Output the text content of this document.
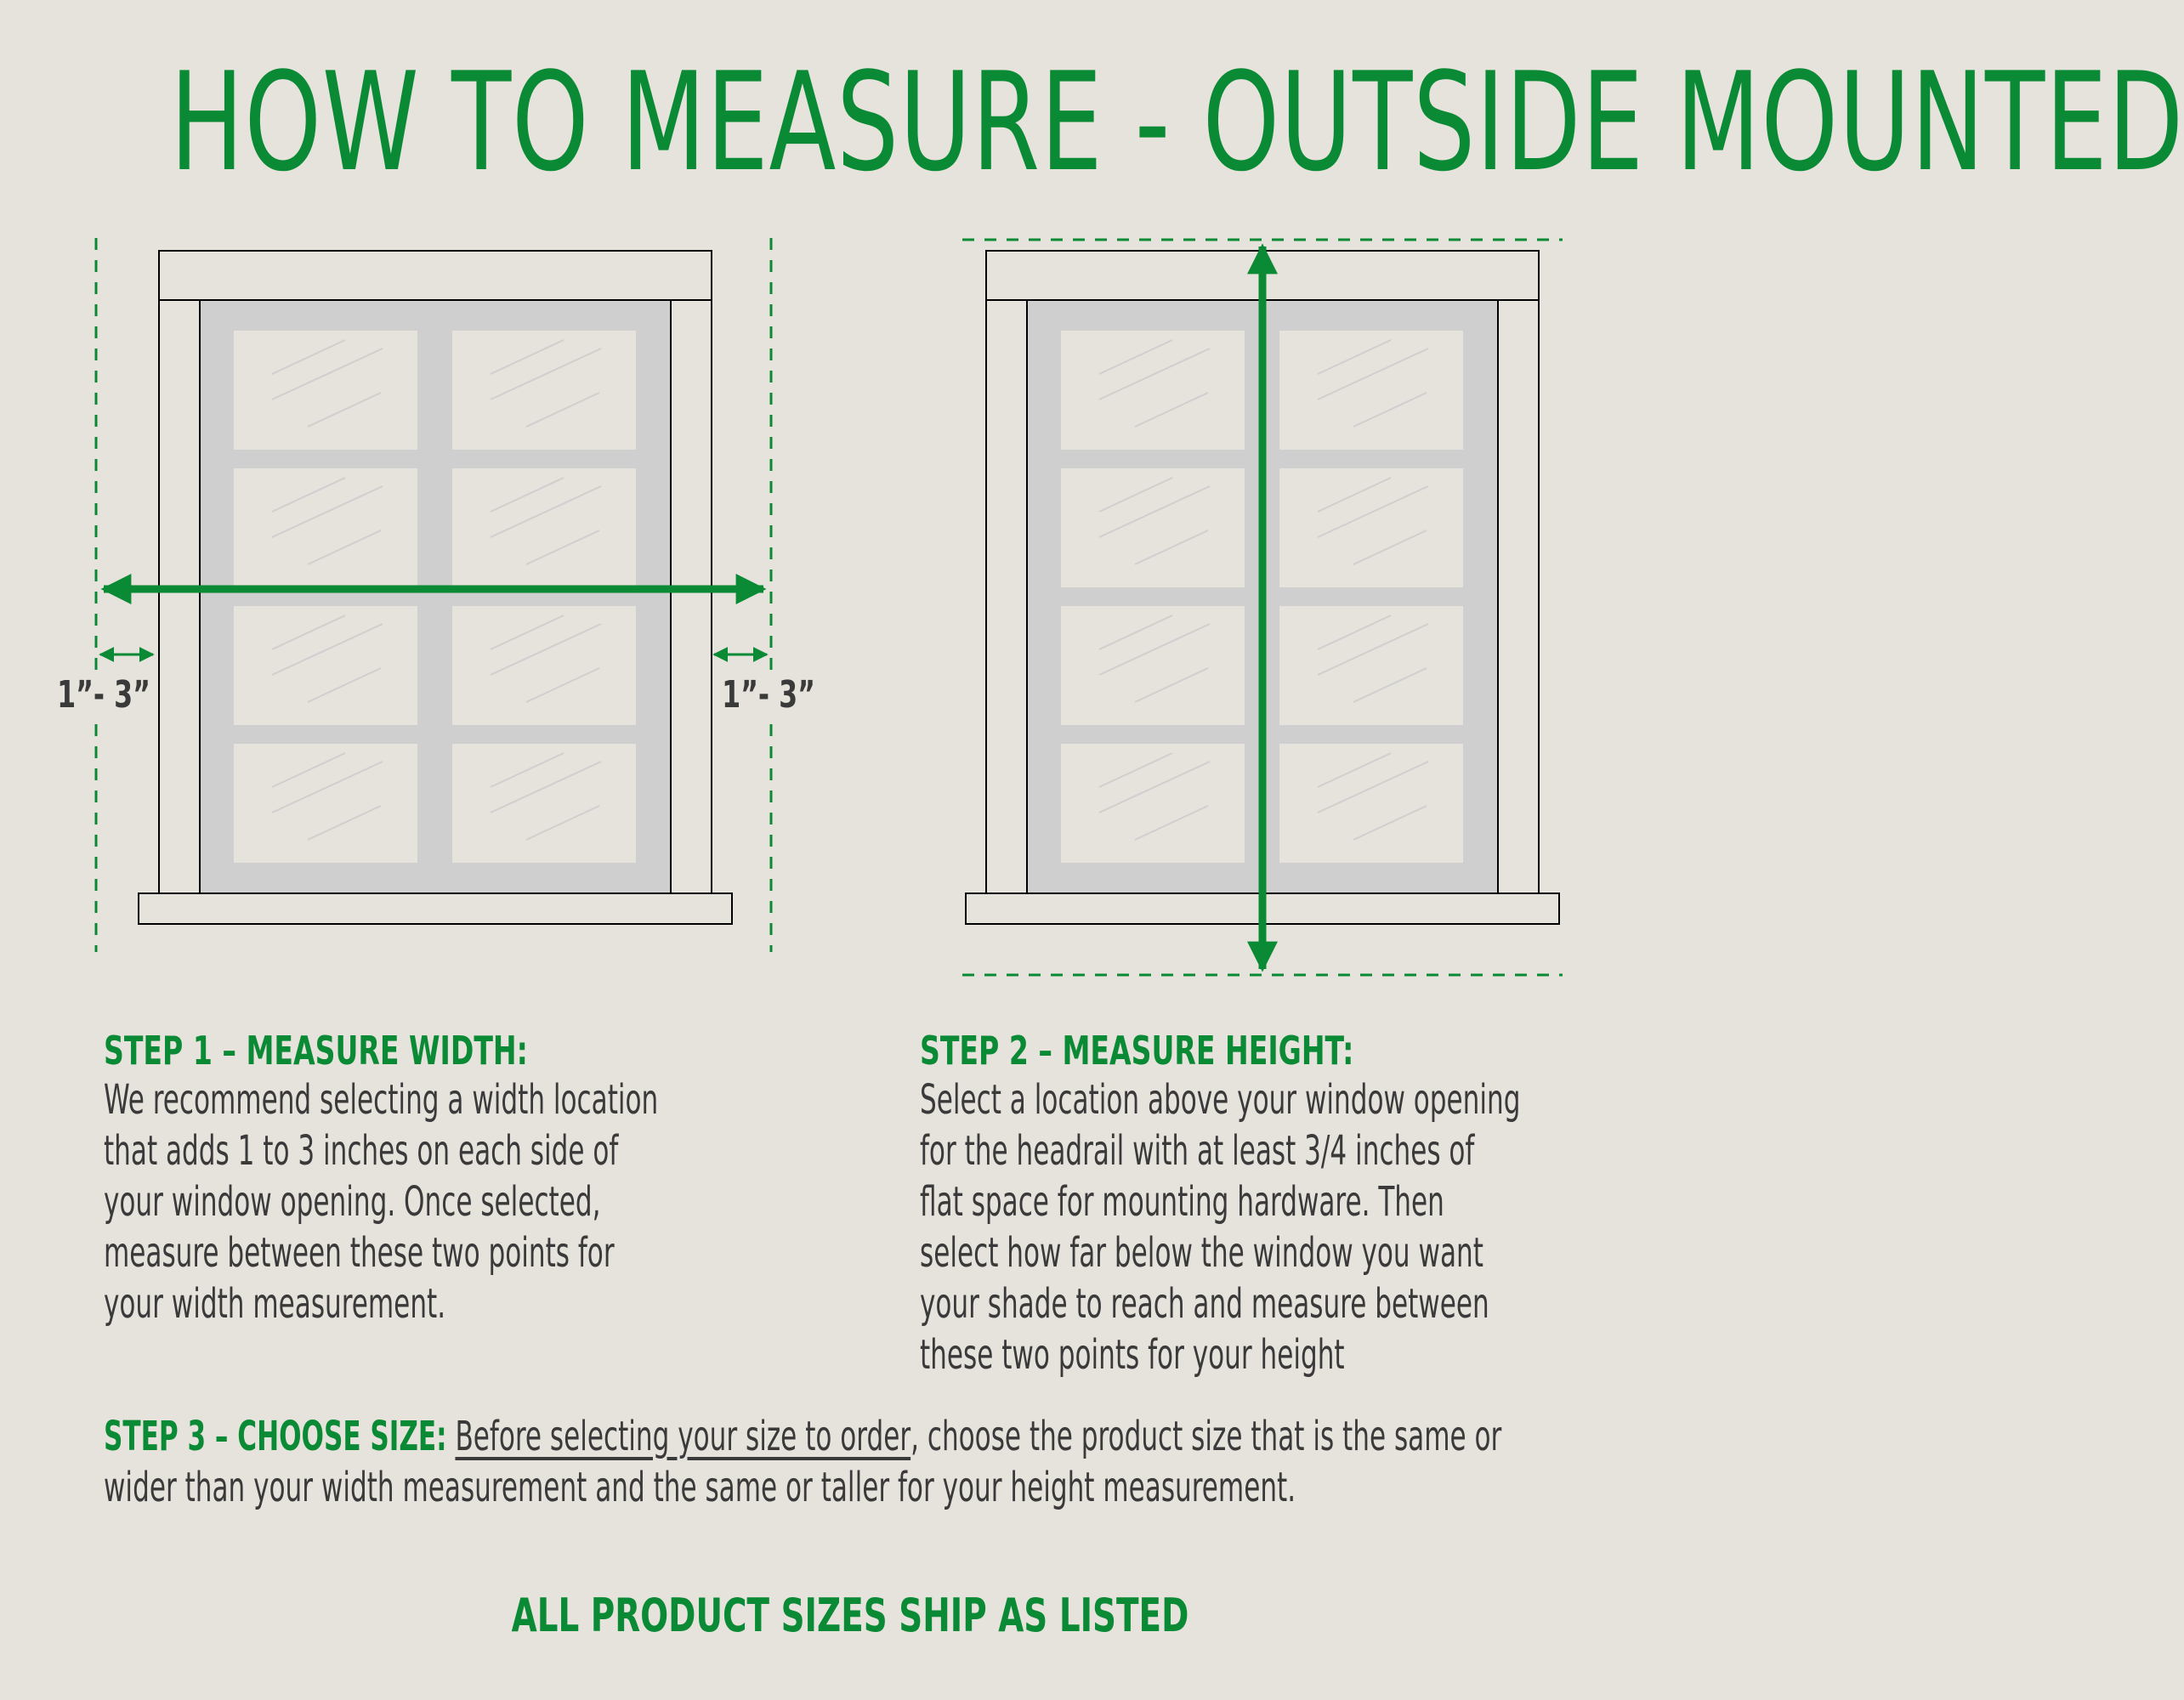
HOW TO MEASURE - OUTSIDE MOUNTED
1”- 3”	1”- 3”
STEP 1 – MEASURE WIDTH:
We recommend selecting a width location
that adds 1 to 3 inches on each side of
your window opening. Once selected,
measure between these two points for
your width measurement.
STEP 2 – MEASURE HEIGHT:
Select a location above your window opening
for the headrail with at least 3/4 inches of
flat space for mounting hardware. Then
select how far below the window you want
your shade to reach and measure between
these two points for your height
STEP 3 – CHOOSE SIZE: Before selecting your size to order, choose the product size that is the same or wider than your width measurement and the same or taller for your height measurement.
ALL PRODUCT SIZES SHIP AS LISTED
